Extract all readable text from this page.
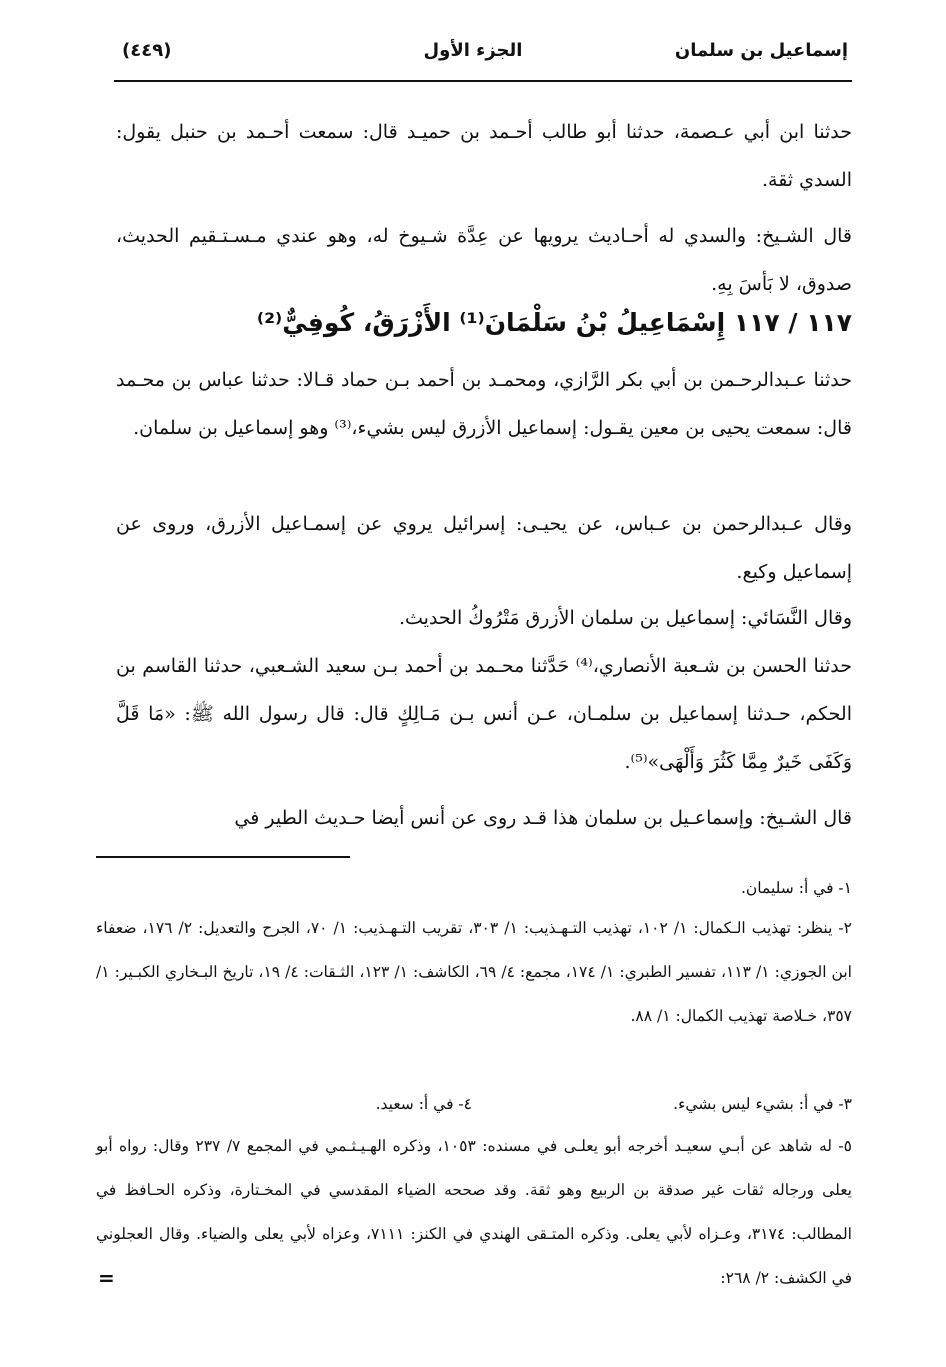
إسماعيل بن سلمان
الجزء الأول
(٤٤٩)

حدثنا ابن أبي عـصمة، حدثنا أبو طالب أحـمد بن حميـد قال: سمعت أحـمد بن حنبل يقول: السدي ثقة.

قال الشـيخ: والسدي له أحـاديث يرويها عن عِدَّة شـيوخ له، وهو عندي مـسـتـقيم الحديث، صدوق، لا بَأسَ بِهِ.

١١٧ / ١١٧ إِسْمَاعِيلُ بْنُ سَلْمَانَ⁽¹⁾ الأَزْرَقُ، كُوفِيٌّ⁽²⁾

حدثنا عـبدالرحـمن بن أبي بكر الرَّازي، ومحمـد بن أحمد بـن حماد قـالا: حدثنا عباس بن محـمد قال: سمعت يحيى بن معين يقـول: إسماعيل الأزرق ليس بشيء،⁽³⁾ وهو إسماعيل بن سلمان.

وقال عـبدالرحمن بن عـباس، عن يحيـى: إسرائيل يروي عن إسمـاعيل الأزرق، وروى عن إسماعيل وكيع.

وقال النَّسَائي: إسماعيل بن سلمان الأزرق مَتْرُوكُ الحديث.

حدثنا الحسن بن شـعبة الأنصاري،⁽⁴⁾ حَدَّثنا محـمد بن أحمد بـن سعيد الشـعبي، حدثنا القاسم بن الحكم، حـدثنا إسماعيل بن سلمـان، عـن أنس بـن مَـالِكٍ قال: قال رسول الله ﷺ: «مَا قَلَّ وَكَفَى خَيرٌ مِمَّا كَثُرَ وَأَلْهَى»⁽⁵⁾.

قال الشـيخ: وإسماعـيل بن سلمان هذا قـد روى عن أنس أيضا حـديث الطير في

١- في أ: سليمان.

٢- ينظر: تهذيب الـكمال: ١/ ١٠٢، تهذيب التـهـذيب: ١/ ٣٠٣، تقريب التـهـذيب: ١/ ٧٠، الجرح والتعديل: ٢/ ١٧٦، ضعفاء ابن الجوزي: ١/ ١١٣، تفسير الطبري: ١/ ١٧٤، مجمع: ٤/ ٦٩، الكاشف: ١/ ١٢٣، الثـقات: ٤/ ١٩، تاريخ البـخاري الكبـير: ١/ ٣٥٧، خـلاصة تهذيب الكمال: ١/ ٨٨.

٣- في أ: بشيء ليس بشيء.
٤- في أ: سعيد.

٥- له شاهد عن أبـي سعيـد أخرجه أبو يعلـى في مسنده: ١٠٥٣، وذكره الهـيـثـمي في المجمع ٧/ ٢٣٧ وقال: رواه أبو يعلى ورجاله ثقات غير صدقة بن الربيع وهو ثقة. وقد صححه الضياء المقدسي في المخـتارة، وذكره الحـافظ في المطالب: ٣١٧٤، وعـزاه لأبي يعلى. وذكره المتـقى الهندي في الكنز: ٧١١١، وعزاه لأبي يعلى والضياء. وقال العجلوني في الكشف: ٢/ ٢٦٨:

=
